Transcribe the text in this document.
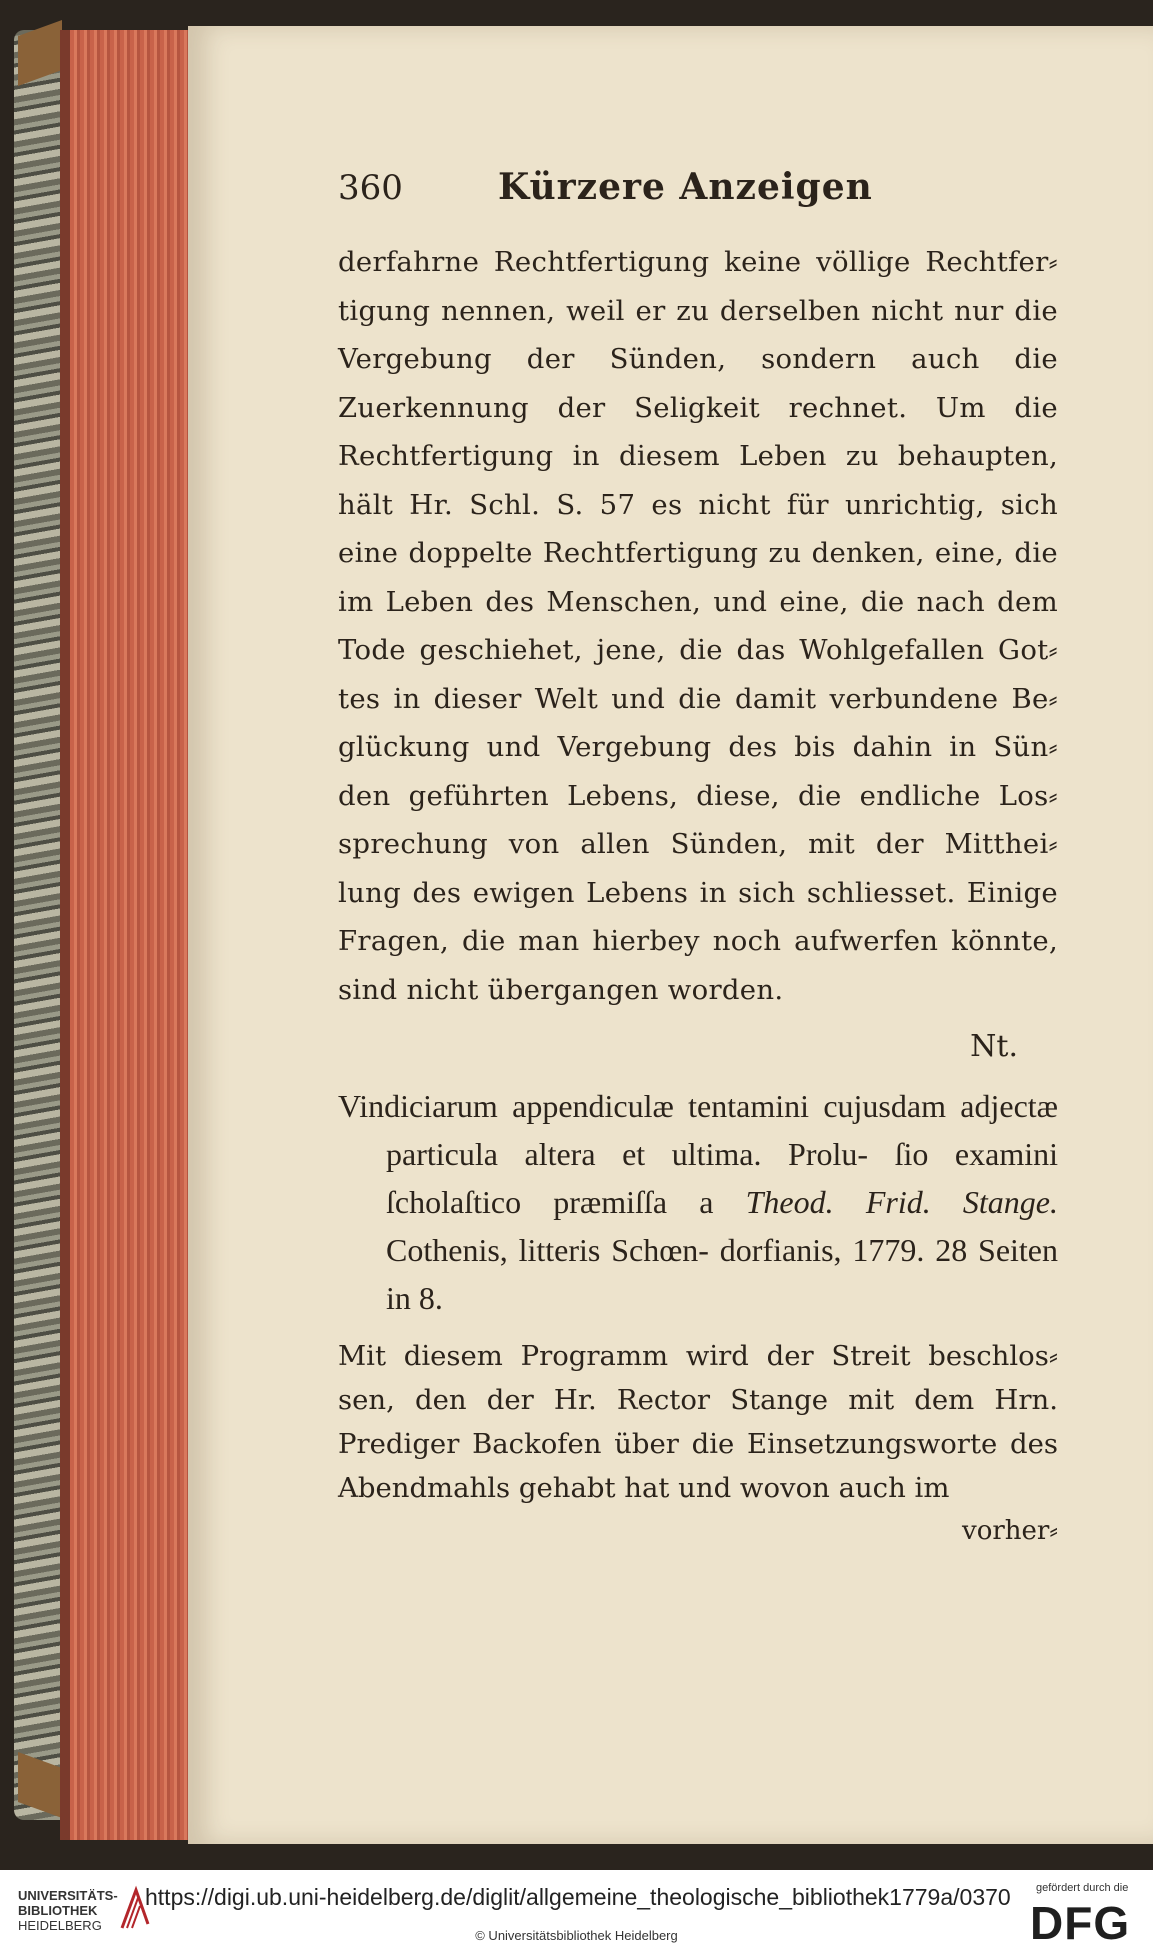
360	Kürzere Anzeigen

derfahrne Rechtfertigung keine völlige Rechtfer⸗ tigung nennen, weil er zu derselben nicht nur die Vergebung der Sünden, sondern auch die Zuerkennung der Seligkeit rechnet. Um die Rechtfertigung in diesem Leben zu behaupten, hält Hr. Schl. S. 57 es nicht für unrichtig, sich eine doppelte Rechtfertigung zu denken, eine, die im Leben des Menschen, und eine, die nach dem Tode geschiehet, jene, die das Wohlgefallen Got⸗ tes in dieser Welt und die damit verbundene Be⸗ glückung und Vergebung des bis dahin in Sün⸗ den geführten Lebens, diese, die endliche Los⸗ sprechung von allen Sünden, mit der Mitthei⸗ lung des ewigen Lebens in sich schliesset. Einige Fragen, die man hierbey noch aufwerfen könnte, sind nicht übergangen worden.

Nt.

Vindiciarum appendiculæ tentamini cujusdam adjectæ particula altera et ultima. Prolu- ſio examini ſcholaſtico præmiſſa a Theod. Frid. Stange. Cothenis, litteris Schœn- dorfianis, 1779. 28 Seiten in 8.

Mit diesem Programm wird der Streit beschlos⸗ sen, den der Hr. Rector Stange mit dem Hrn. Prediger Backofen über die Einsetzungsworte des Abendmahls gehabt hat und wovon auch im

vorher⸗
UNIVERSITÄTS-
BIBLIOTHEK
HEIDELBERG
https://digi.ub.uni-heidelberg.de/diglit/allgemeine_theologische_bibliothek1779a/0370
© Universitätsbibliothek Heidelberg
gefördert durch die
DFG
